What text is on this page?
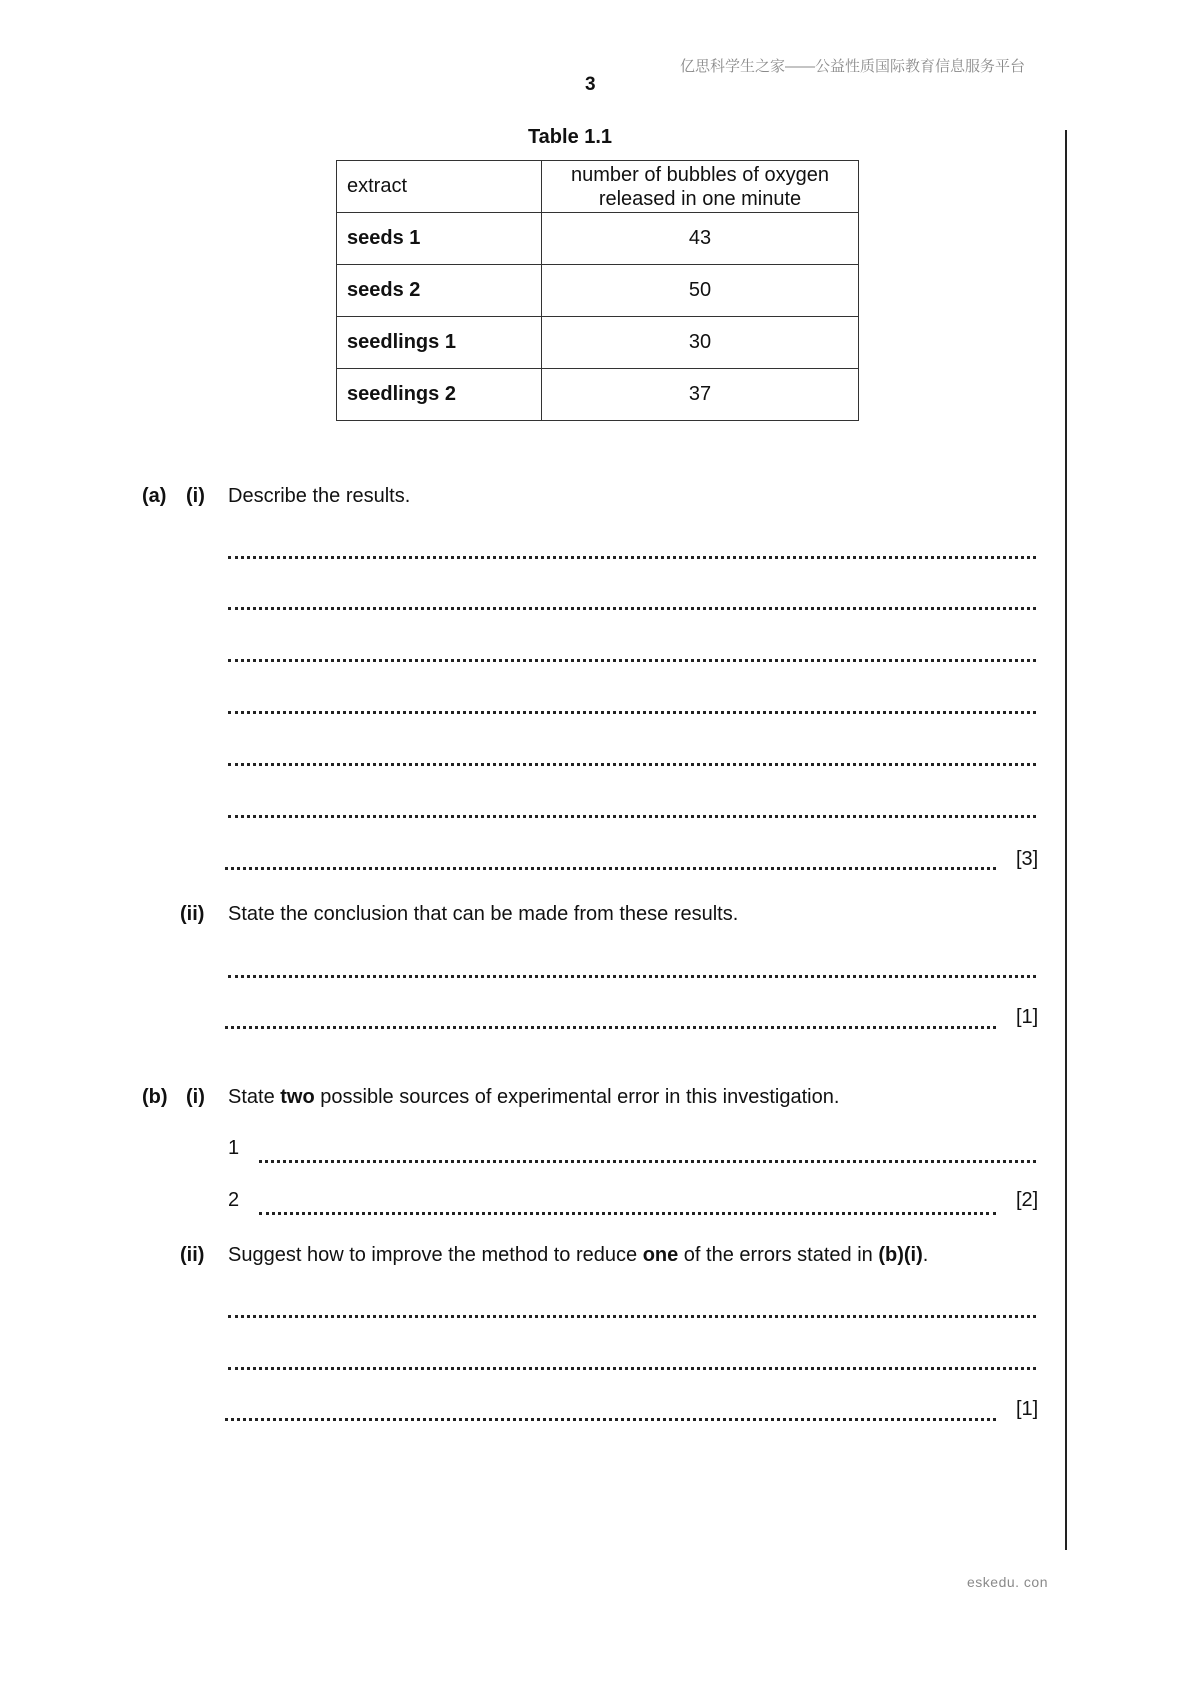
亿思科学生之家——公益性质国际教育信息服务平台
3
Table 1.1
extract	number of bubbles of oxygen
released in one minute

seeds 1	43
seeds 2	50
seedlings 1	30
seedlings 2	37
(a) (i) Describe the results.
[3]
(ii) State the conclusion that can be made from these results.
[1]
(b) (i) State two possible sources of experimental error in this investigation.
1
2	[2]
(ii) Suggest how to improve the method to reduce one of the errors stated in (b)(i).
[1]
eskedu. con
